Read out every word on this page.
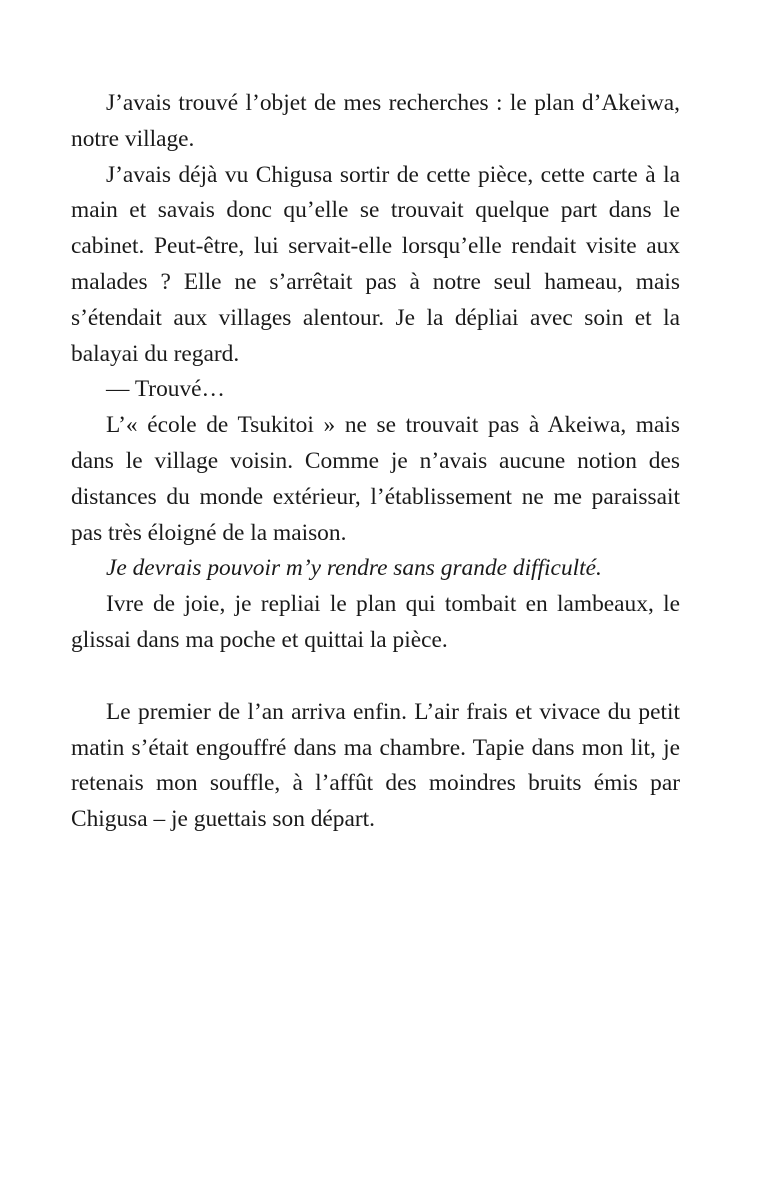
J’avais trouvé l’objet de mes recherches : le plan d’Akeiwa, notre village.

J’avais déjà vu Chigusa sortir de cette pièce, cette carte à la main et savais donc qu’elle se trouvait quelque part dans le cabinet. Peut-être, lui servait-elle lorsqu’elle rendait visite aux malades ? Elle ne s’arrêtait pas à notre seul hameau, mais s’étendait aux villages alentour. Je la dépliai avec soin et la balayai du regard.

— Trouvé…

L’« école de Tsukitoi » ne se trouvait pas à Akeiwa, mais dans le village voisin. Comme je n’avais aucune notion des distances du monde extérieur, l’établissement ne me paraissait pas très éloigné de la maison.

Je devrais pouvoir m’y rendre sans grande difficulté.

Ivre de joie, je repliai le plan qui tombait en lambeaux, le glissai dans ma poche et quittai la pièce.

Le premier de l’an arriva enfin. L’air frais et vivace du petit matin s’était engouffré dans ma chambre. Tapie dans mon lit, je retenais mon souffle, à l’affût des moindres bruits émis par Chigusa – je guettais son départ.
